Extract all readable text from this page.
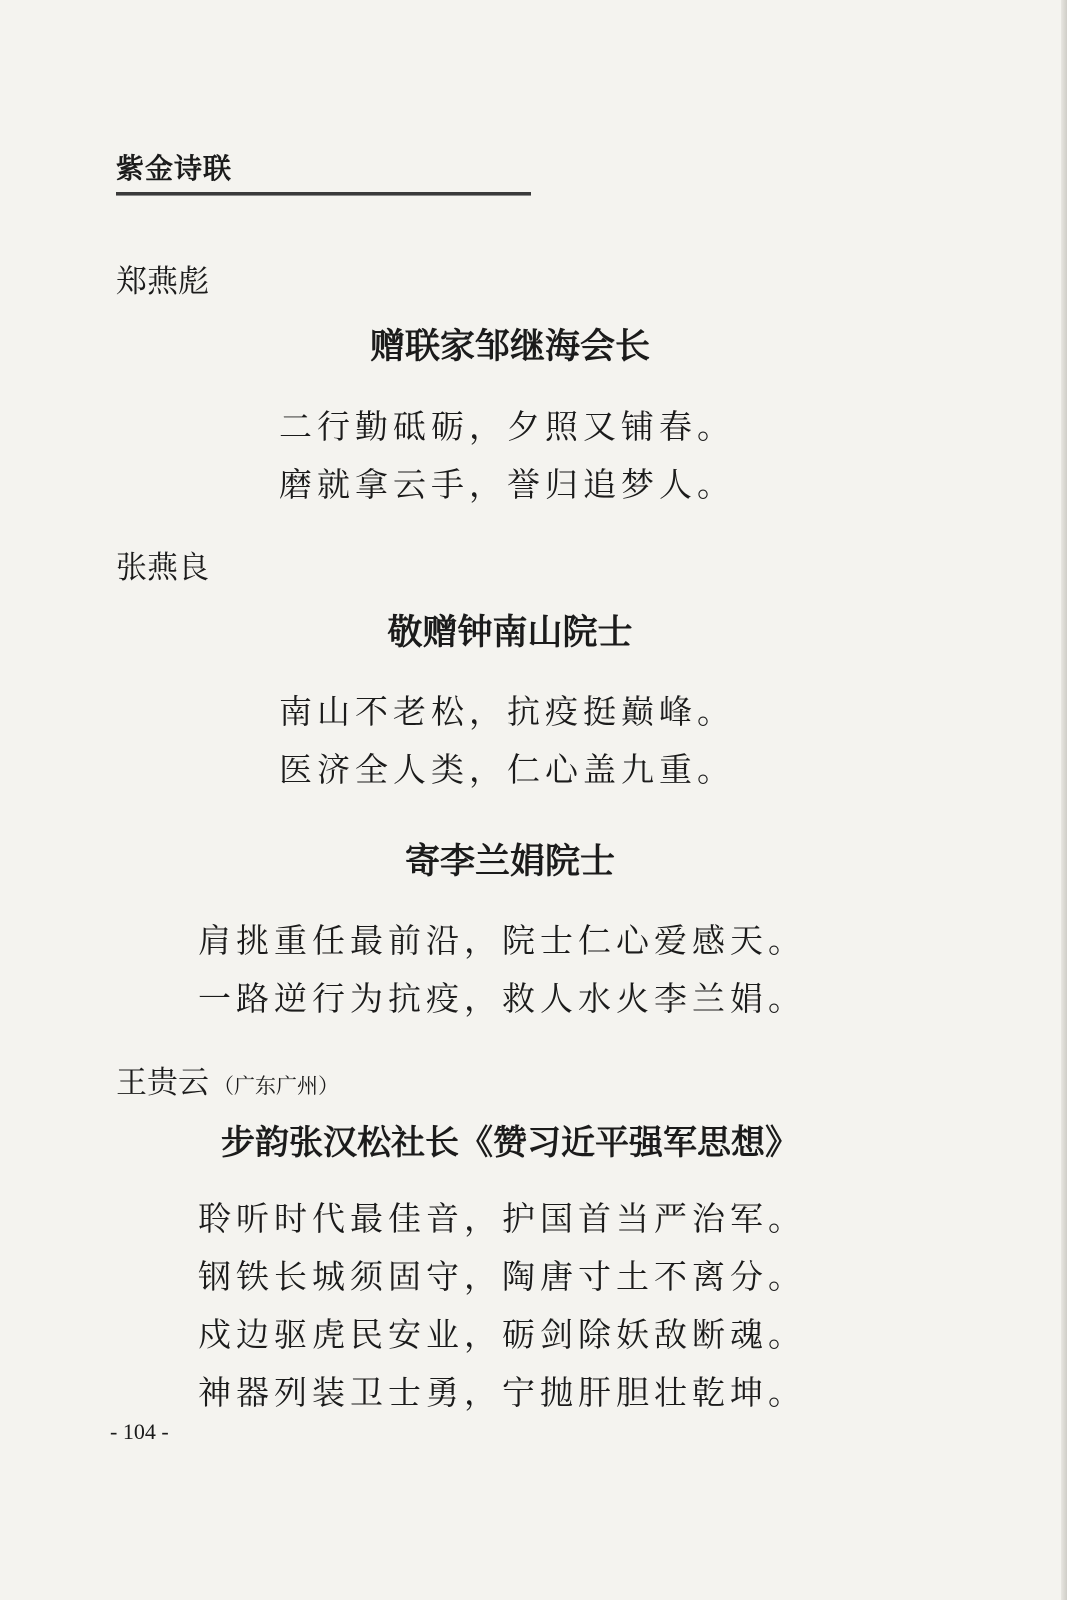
紫金诗联
郑燕彪
赠联家邹继海会长
二行勤砥砺，夕照又铺春。
磨就拿云手，誉归追梦人。
张燕良
敬赠钟南山院士
南山不老松，抗疫挺巅峰。
医济全人类，仁心盖九重。
寄李兰娟院士
肩挑重任最前沿，院士仁心爱感天。
一路逆行为抗疫，救人水火李兰娟。
王贵云 （广东广州）
步韵张汉松社长《赞习近平强军思想》
聆听时代最佳音，护国首当严治军。
钢铁长城须固守，陶唐寸土不离分。
戍边驱虎民安业，砺剑除妖敌断魂。
神器列装卫士勇，宁抛肝胆壮乾坤。
- 104 -
